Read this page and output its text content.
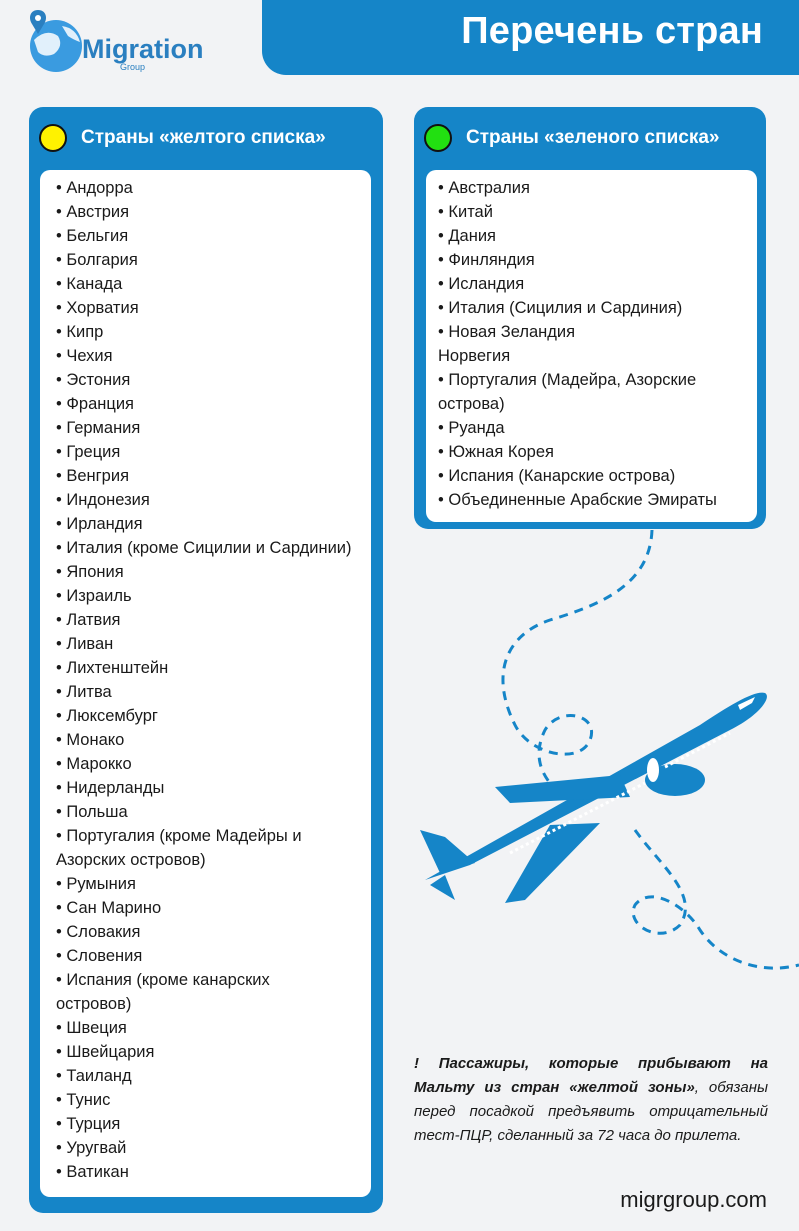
Migration
Group
Перечень стран
Страны «желтого списка»
• Андорра
• Австрия
• Бельгия
• Болгария
• Канада
• Хорватия
• Кипр
• Чехия
• Эстония
• Франция
• Германия
• Греция
• Венгрия
• Индонезия
• Ирландия
• Италия (кроме Сицилии и Сардинии)
• Япония
• Израиль
• Латвия
• Ливан
• Лихтенштейн
• Литва
• Люксембург
• Монако
• Марокко
• Нидерланды
• Польша
• Португалия (кроме Мадейры и
Азорских островов)
• Румыния
• Сан Марино
• Словакия
• Словения
• Испания (кроме канарских
островов)
• Швеция
• Швейцария
• Таиланд
• Тунис
• Турция
• Уругвай
• Ватикан
Страны «зеленого списка»
• Австралия
• Китай
• Дания
• Финляндия
• Исландия
• Италия (Сицилия и Сардиния)
• Новая Зеландия
Норвегия
• Португалия (Мадейра, Азорские
острова)
• Руанда
• Южная Корея
• Испания (Канарские острова)
• Объединенные Арабские Эмираты
! Пассажиры, которые прибывают на Мальту из стран «желтой зоны», обязаны перед посадкой предъявить отрицательный тест-ПЦР, сделанный за 72 часа до прилета.
migrgroup.com
